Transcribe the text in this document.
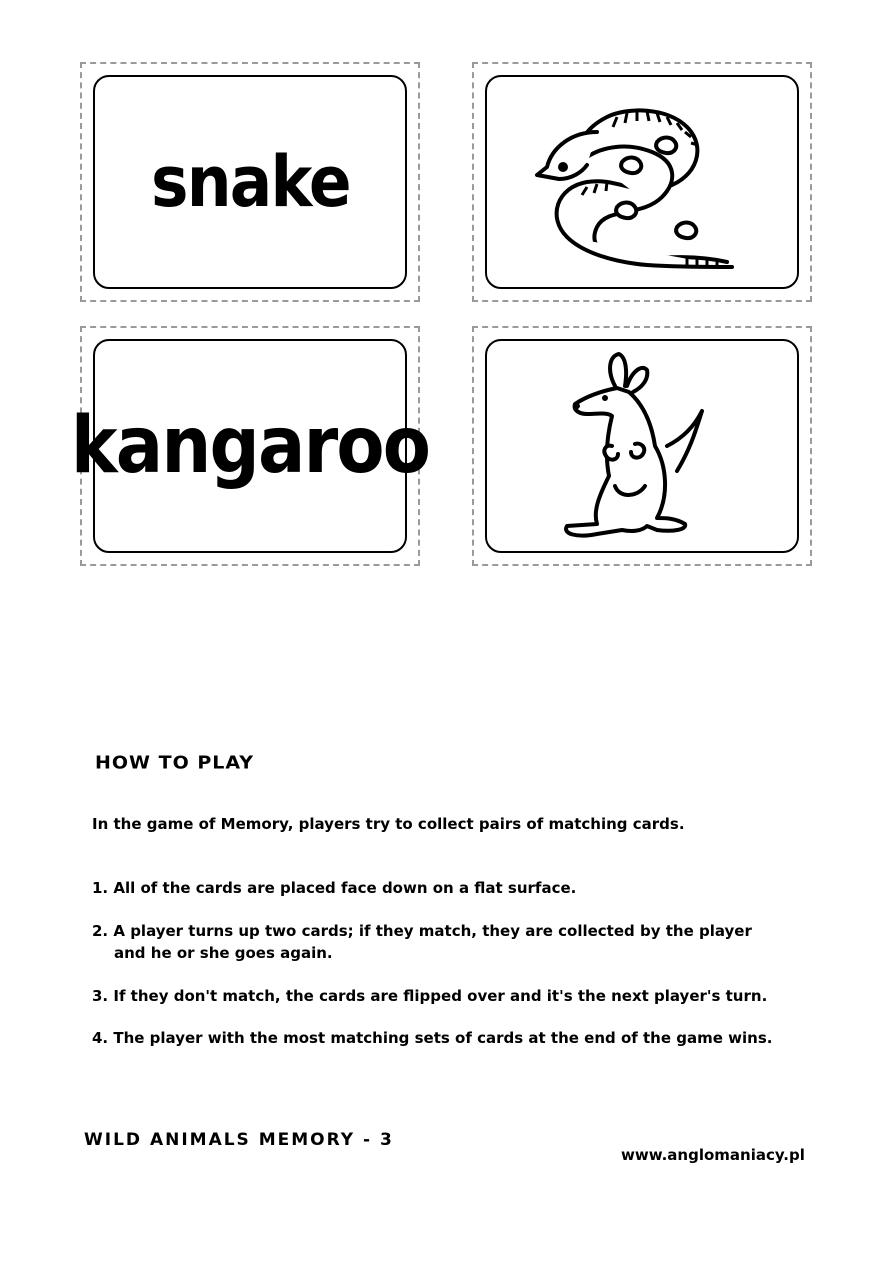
snake
kangaroo
HOW TO PLAY
In the game of Memory, players try to collect pairs of matching cards.
1. All of the cards are placed face down on a flat surface.
2. A player turns up two cards; if they match, they are collected by the player
and he or she goes again.
3. If they don't match, the cards are flipped over and it's the next player's turn.
4. The player with the most matching sets of cards at the end of the game wins.
WILD ANIMALS MEMORY - 3
www.anglomaniacy.pl
